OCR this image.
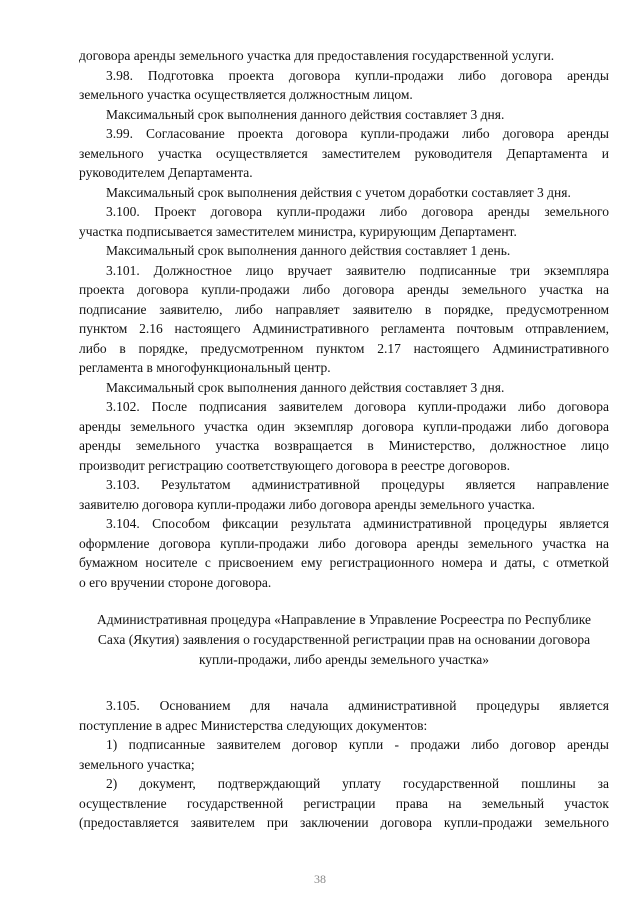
договора аренды земельного участка для предоставления государственной услуги.
3.98. Подготовка проекта договора купли-продажи либо договора аренды
земельного участка осуществляется должностным лицом.
Максимальный срок выполнения данного действия составляет 3 дня.
3.99. Согласование проекта договора купли-продажи либо договора аренды
земельного участка осуществляется заместителем руководителя Департамента и
руководителем Департамента.
Максимальный срок выполнения действия с учетом доработки составляет 3 дня.
3.100. Проект договора купли-продажи либо договора аренды земельного
участка подписывается заместителем министра, курирующим Департамент.
Максимальный срок выполнения данного действия составляет 1 день.
3.101. Должностное лицо вручает заявителю подписанные три экземпляра
проекта договора купли-продажи либо договора аренды земельного участка на
подписание заявителю, либо направляет заявителю в порядке, предусмотренном
пунктом 2.16 настоящего Административного регламента почтовым отправлением,
либо в порядке, предусмотренном пунктом 2.17 настоящего Административного
регламента в многофункциональный центр.
Максимальный срок выполнения данного действия составляет 3 дня.
3.102. После подписания заявителем договора купли-продажи либо договора
аренды земельного участка один экземпляр договора купли-продажи либо договора
аренды земельного участка возвращается в Министерство, должностное лицо
производит регистрацию соответствующего договора в реестре договоров.
3.103. Результатом административной процедуры является направление
заявителю договора купли-продажи либо договора аренды земельного участка.
3.104. Способом фиксации результата административной процедуры является
оформление договора купли-продажи либо договора аренды земельного участка на
бумажном носителе с присвоением ему регистрационного номера и даты, с отметкой
о его вручении стороне договора.
Административная процедура «Направление в Управление Росреестра по Республике
Саха (Якутия) заявления о государственной регистрации прав на основании договора
купли-продажи, либо аренды земельного участка»
3.105. Основанием для начала административной процедуры является
поступление в адрес Министерства следующих документов:
1) подписанные заявителем договор купли - продажи либо договор аренды
земельного участка;
2) документ, подтверждающий уплату государственной пошлины за
осуществление государственной регистрации права на земельный участок
(предоставляется заявителем при заключении договора купли-продажи земельного
38
